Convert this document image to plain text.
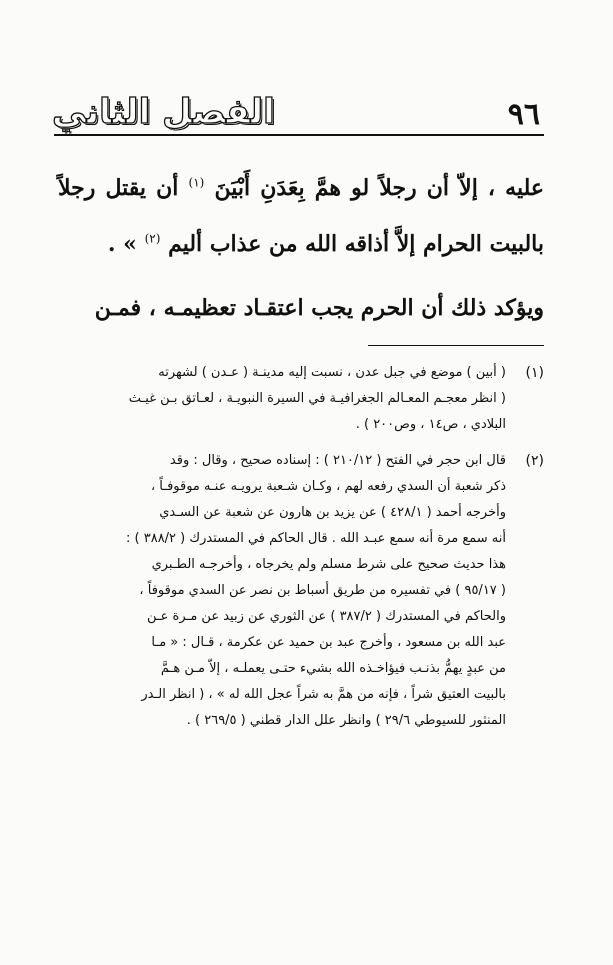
٩٦
الفصل الثاني

عليه ، إلاّ أن رجلاً لو همَّ بِعَدَنِ أَبْيَنَ $^{(١)}$ أن يقتل رجلاً بالبيت الحرام إلاَّ أذاقه الله من عذاب أليم $^{(٢)}$ » .

ويؤكد ذلك أن الحرم يجب اعتقـاد تعظيمـه ، فمـن

(١)
( أبين ) موضع في جبل عدن ، نسبت إليه مدينـة ( عـدن ) لشهرته
( انظر معجـم المعـالم الجغرافيـة في السيرة النبويـة ، لعـاتق بـن غيـث
البلادي ، ص١٤ ، وص٢٠٠ ) .
(٢)
قال ابن حجر في الفتح ( ٢١٠/١٢ ) : إسناده صحيح ، وقال : وقد
ذكر شعبة أن السدي رفعه لهم ، وكـان شـعبة يرويـه عنـه موقوفـاً ،
وأخرجه أحمد ( ٤٢٨/١ ) عن يزيد بن هارون عن شعبة عن السـدي
أنه سمع مرة أنه سمع عبـد الله . قال الحاكم في المستدرك ( ٣٨٨/٢ ) :
هذا حديث صحيح على شرط مسلم ولم يخرجاه ، وأخرجـه الطـبري
( ٩٥/١٧ ) في تفسيره من طريق أسباط بن نصر عن السدي موقوفاً ،
والحاكم في المستدرك ( ٣٨٧/٢ ) عن الثوري عن زبيد عن مـرة عـن
عبد الله بن مسعود ، وأخرج عبد بن حميد عن عكرمة ، قـال : « مـا
من عبدٍ يهمُّ بذنـب فيؤاخـذه الله بشيء حتـى يعملـه ، إلاّ مـن هـمَّ
بالبيت العتيق شراً ، فإنه من همَّ به شراً عجل الله له » ، ( انظر الـدر
المنثور للسيوطي ٢٩/٦ ) وانظر علل الدار قطني ( ٢٦٩/٥ ) .
